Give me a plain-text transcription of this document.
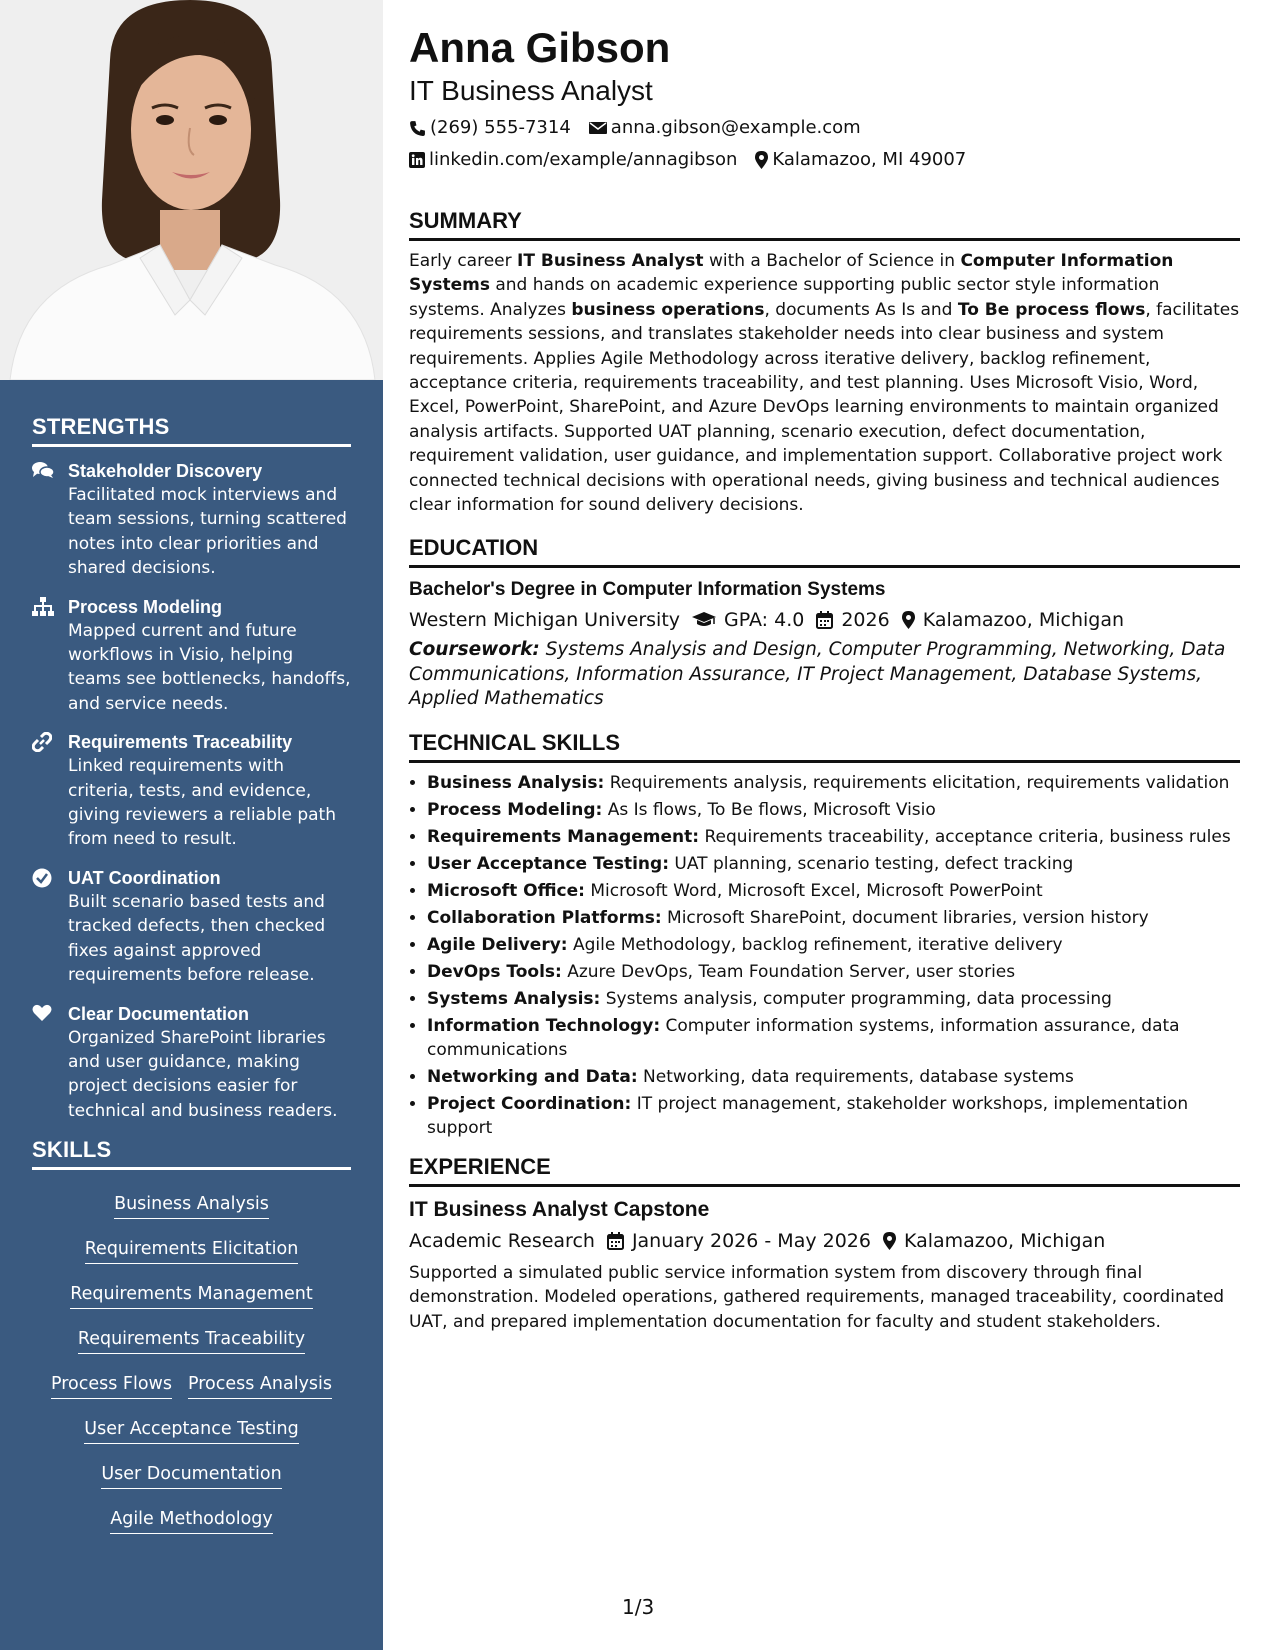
STRENGTHS
Stakeholder Discovery
Facilitated mock interviews and team sessions, turning scattered notes into clear priorities and shared decisions.
Process Modeling
Mapped current and future workflows in Visio, helping teams see bottlenecks, handoffs, and service needs.
Requirements Traceability
Linked requirements with criteria, tests, and evidence, giving reviewers a reliable path from need to result.
UAT Coordination
Built scenario based tests and tracked defects, then checked fixes against approved requirements before release.
Clear Documentation
Organized SharePoint libraries and user guidance, making project decisions easier for technical and business readers.
SKILLS
Business Analysis
Requirements Elicitation
Requirements Management
Requirements Traceability
Process Flows Process Analysis
User Acceptance Testing
User Documentation
Agile Methodology
Anna Gibson
IT Business Analyst
(269) 555-7314 anna.gibson@example.com
linkedin.com/example/annagibson Kalamazoo, MI 49007
SUMMARY
Early career IT Business Analyst with a Bachelor of Science in Computer Information Systems and hands on academic experience supporting public sector style information systems. Analyzes business operations, documents As Is and To Be process flows, facilitates requirements sessions, and translates stakeholder needs into clear business and system requirements. Applies Agile Methodology across iterative delivery, backlog refinement, acceptance criteria, requirements traceability, and test planning. Uses Microsoft Visio, Word, Excel, PowerPoint, SharePoint, and Azure DevOps learning environments to maintain organized analysis artifacts. Supported UAT planning, scenario execution, defect documentation, requirement validation, user guidance, and implementation support. Collaborative project work connected technical decisions with operational needs, giving business and technical audiences clear information for sound delivery decisions.
EDUCATION
Bachelor's Degree in Computer Information Systems
Western Michigan University GPA: 4.0 2026 Kalamazoo, Michigan
Coursework: Systems Analysis and Design, Computer Programming, Networking, Data Communications, Information Assurance, IT Project Management, Database Systems, Applied Mathematics
TECHNICAL SKILLS
• Business Analysis: Requirements analysis, requirements elicitation, requirements validation
• Process Modeling: As Is flows, To Be flows, Microsoft Visio
• Requirements Management: Requirements traceability, acceptance criteria, business rules
• User Acceptance Testing: UAT planning, scenario testing, defect tracking
• Microsoft Office: Microsoft Word, Microsoft Excel, Microsoft PowerPoint
• Collaboration Platforms: Microsoft SharePoint, document libraries, version history
• Agile Delivery: Agile Methodology, backlog refinement, iterative delivery
• DevOps Tools: Azure DevOps, Team Foundation Server, user stories
• Systems Analysis: Systems analysis, computer programming, data processing
• Information Technology: Computer information systems, information assurance, data communications
• Networking and Data: Networking, data requirements, database systems
• Project Coordination: IT project management, stakeholder workshops, implementation support
EXPERIENCE
IT Business Analyst Capstone
Academic Research January 2026 - May 2026 Kalamazoo, Michigan
Supported a simulated public service information system from discovery through final demonstration. Modeled operations, gathered requirements, managed traceability, coordinated UAT, and prepared implementation documentation for faculty and student stakeholders.
1/3
